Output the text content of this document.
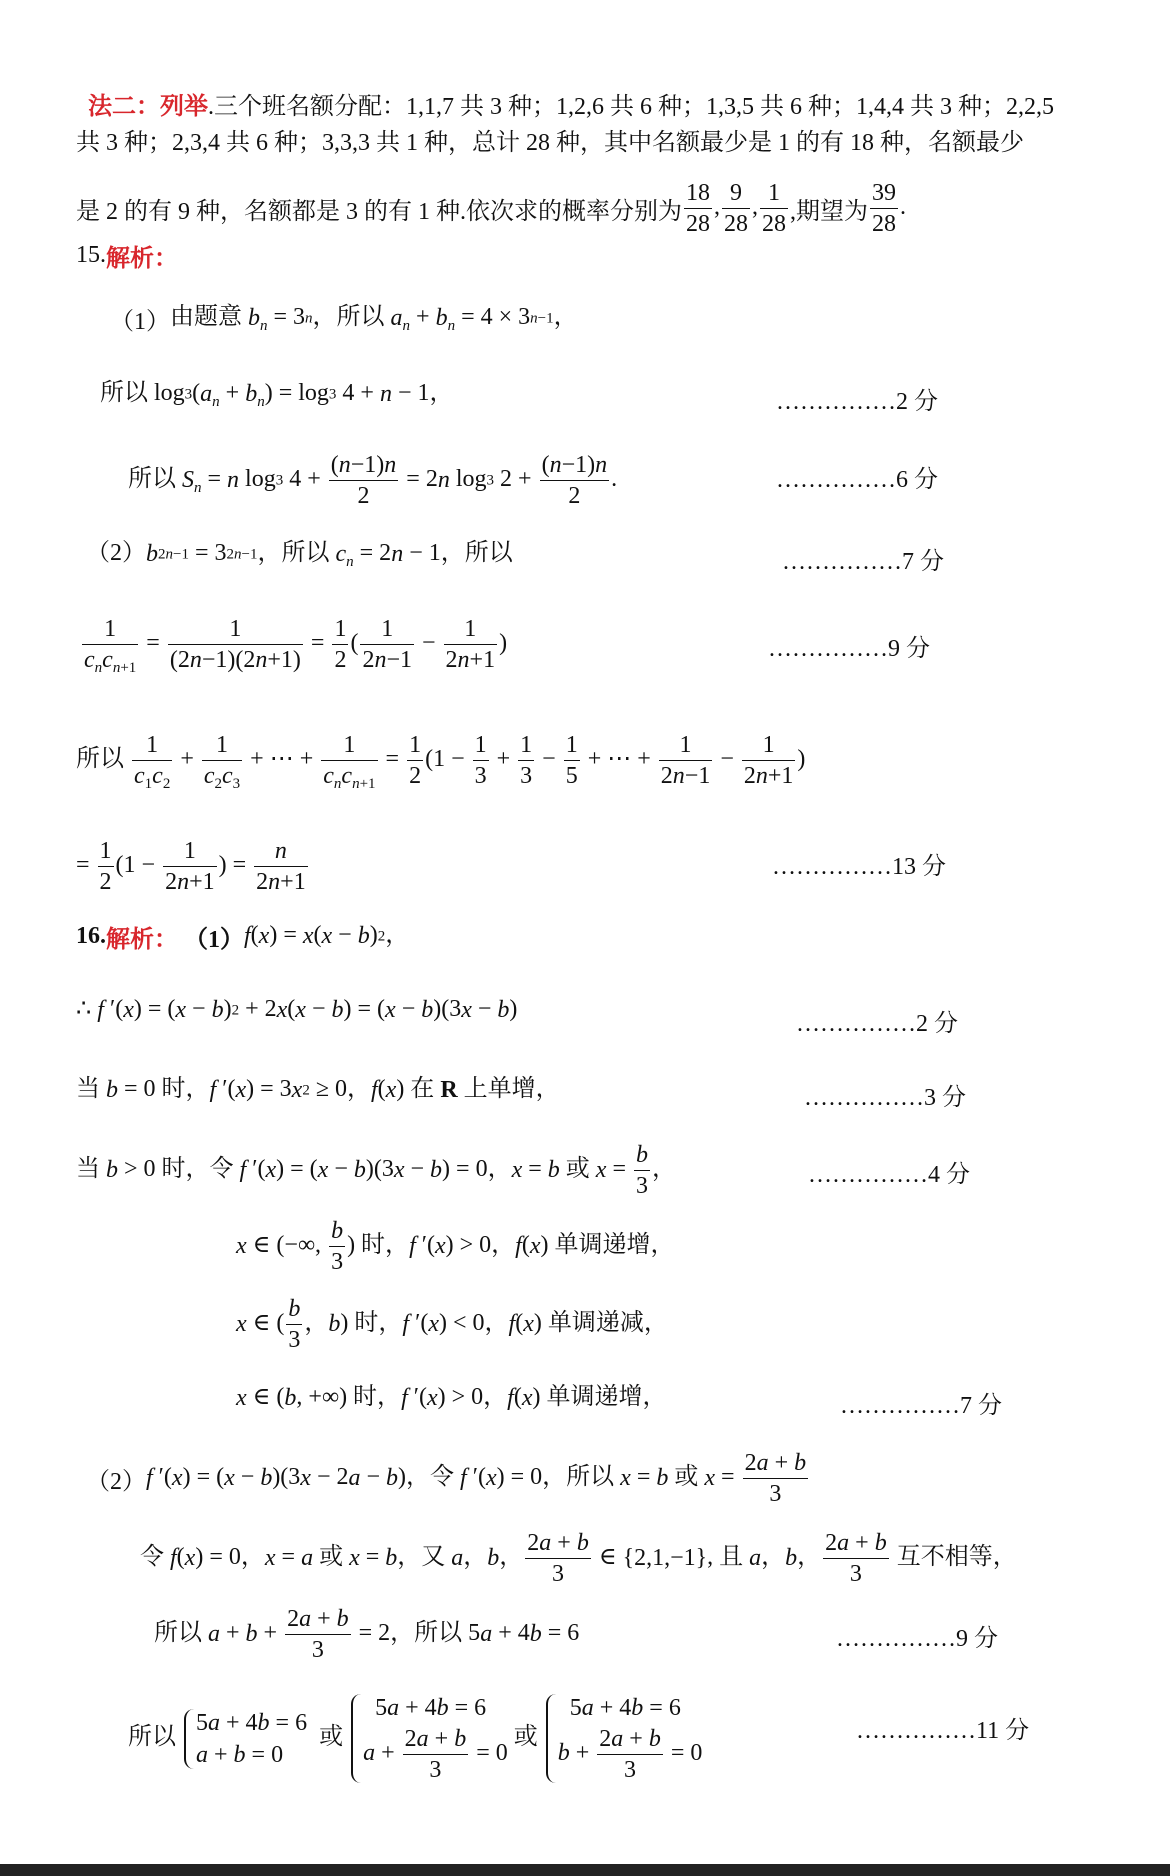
法二：列举.三个班名额分配：1,1,7 共 3 种；1,2,6 共 6 种；1,3,5 共 6 种；1,4,4 共 3 种；2,2,5
共 3 种；2,3,4 共 6 种；3,3,3 共 1 种，总计 28 种，其中名额最少是 1 的有 18 种，名额最少
是 2 的有 9 种，名额都是 3 的有 1 种.依次求的概率分别为 $\frac{18}{28}$ , $\frac{9}{28}$ , $\frac{1}{28}$ ,期望为 $\frac{39}{28}$ .
15.解析：
（1）由题意 $b_n = 3n$，所以 $a_n + b_n = 4 \times 3n-1$，
所以 $\log 3(a_n + b_n) = \log 3$ 4 + n − 1，	……………2 分
所以 $S_n = n$ log3 $4 + \frac{(n-1)n}{2} = 2n$ log3 $2 + \frac{(n-1)n}{2}$ .	……………6 分
（2）b2n−1 = 32n−1，所以 $c_n = 2n - 1$，所以	……………7 分
1
$c_nc_{n+1}$
= $\frac{1}{(2n-1)(2n+1)} = \frac{1}{2}$ ( $\frac{1}{2n-1} - \frac{1}{2n+1}$ )	……………9 分
所以 $\frac{1}{c_1c_2} + \frac{1}{c_2c_3}$ + ⋯ +
1
$c_nc_{n+1}$
= $\frac{1}{2} (1 - \frac{1}{3} + \frac{1}{3} - \frac{1}{5}$ + ⋯ + $\frac{1}{2n-1} - \frac{1}{2n+1}$ )
= $\frac{1}{2} (1 - \frac{1}{2n+1}$ ) = $\frac{n}{2n+1}$	……………13 分
16.解析： （1）f(x) = x(x − b)2，
∴ f ′(x) = (x − b)2 + 2x(x − b) = (x − b)(3x − b)
……………2 分
当 b = 0 时，f ′(x) = 3x2 ≥ 0，f(x) 在 R 上单增，	……………3 分
当 b > 0 时，令 f ′(x) = (x − b)(3x − b) = 0，x = b 或 $x = \frac{b}{3}$ ，	……………4 分
x ∈ (−∞, $\frac{b}{3}$ ) 时，f ′(x) > 0，f(x) 单调递增，
x ∈ ( $\frac{b}{3}$ ，b) 时，f ′(x) < 0，f(x) 单调递减，
x ∈ (b, +∞) 时，f ′(x) > 0，f(x) 单调递增，	……………7 分
（2）f ′(x) = (x − b)(3x − 2a − b)，令 f ′(x) = 0，所以 x = b 或 $x = \frac{2a + b}{3}$
令 f(x) = 0，x = a 或 x = b，又 a，b， $\frac{2a + b}{3}$ ∈ {2,1,−1}, 且 a，b， $\frac{2a + b}{3}$ 互不相等，
所以 $a + b + \frac{2a + b}{3} = 2$，所以 5a + 4b = 6	……………9 分
所以
5a + 4b = 6
a + b = 0
或
5a + 4b = 6
$a + \frac{2a + b}{3} = 0$
或
5a + 4b = 6
$b + \frac{2a + b}{3} = 0$
……………11 分
